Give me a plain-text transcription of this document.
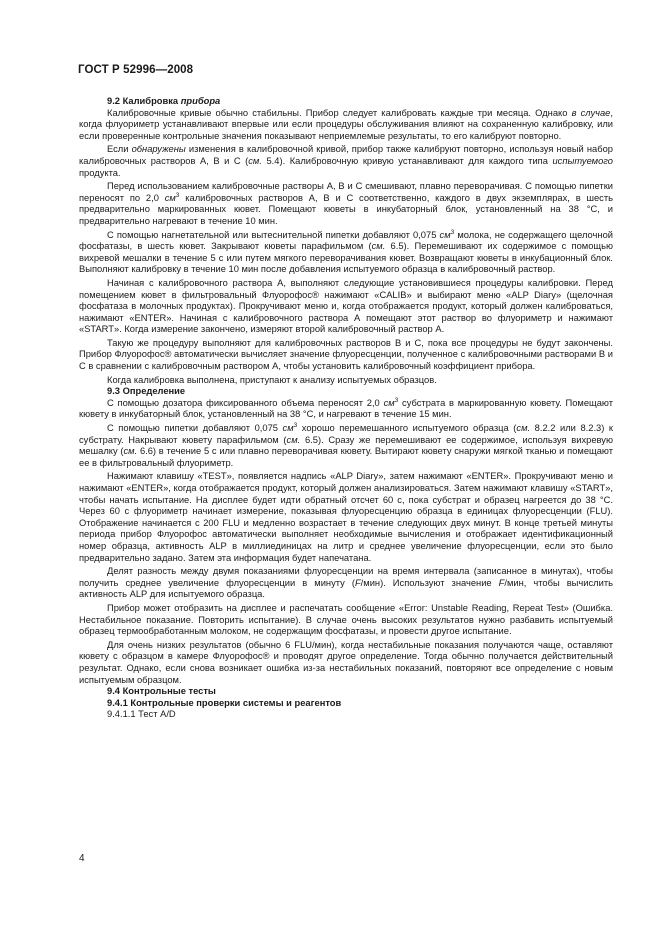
ГОСТ Р 52996—2008
9.2 Калибровка прибора

Калибровочные кривые обычно стабильны. Прибор следует калибровать каждые три месяца. Однако в случае, когда флуориметр устанавливают впервые или если процедуры обслуживания влияют на сохраненную калибровку, или если проверенные контрольные значения показывают неприемлемые результаты, то его калибруют повторно.

Если обнаружены изменения в калибровочной кривой, прибор также калибруют повторно, используя новый набор калибровочных растворов А, В и С (см. 5.4). Калибровочную кривую устанавливают для каждого типа испытуемого продукта.

Перед использованием калибровочные растворы А, В и С смешивают, плавно переворачивая. С помощью пипетки переносят по 2,0 $см^3$ калибровочных растворов А, В и С соответственно, каждого в двух экземплярах, в шесть предварительно маркированных кювет. Помещают кюветы в инкубаторный блок, установленный на 38 °С, и предварительно нагревают в течение 10 мин.

С помощью нагнетательной или вытеснительной пипетки добавляют 0,075 $см^3$ молока, не содержащего щелочной фосфатазы, в шесть кювет. Закрывают кюветы парафильмом (см. 6.5). Перемешивают их содержимое с помощью вихревой мешалки в течение 5 с или путем мягкого переворачивания кювет. Возвращают кюветы в инкубационный блок. Выполняют калибровку в течение 10 мин после добавления испытуемого образца в калибровочный раствор.

Начиная с калибровочного раствора А, выполняют следующие установившиеся процедуры калибровки. Перед помещением кювет в фильтровальный Флуорофос® нажимают «CALIB» и выбирают меню «ALP Diary» (щелочная фосфатаза в молочных продуктах). Прокручивают меню и, когда отображается продукт, который должен калиброваться, нажимают «ENTER». Начиная с калибровочного раствора А помещают этот раствор во флуориметр и нажимают «START». Когда измерение закончено, измеряют второй калибровочный раствор А.

Такую же процедуру выполняют для калибровочных растворов В и С, пока все процедуры не будут закончены. Прибор Флуорофос® автоматически вычисляет значение флуоресценции, полученное с калибровочными растворами В и С в сравнении с калибровочным раствором А, чтобы установить калибровочный коэффициент прибора.

Когда калибровка выполнена, приступают к анализу испытуемых образцов.

9.3 Определение

С помощью дозатора фиксированного объема переносят 2,0 $см^3$ субстрата в маркированную кювету. Помещают кювету в инкубаторный блок, установленный на 38 °С, и нагревают в течение 15 мин.

С помощью пипетки добавляют 0,075 $см^3$ хорошо перемешанного испытуемого образца (см. 8.2.2 или 8.2.3) к субстрату. Накрывают кювету парафильмом (см. 6.5). Сразу же перемешивают ее содержимое, используя вихревую мешалку (см. 6.6) в течение 5 с или плавно переворачивая кювету. Вытирают кювету снаружи мягкой тканью и помещают ее в фильтровальный флуориметр.

Нажимают клавишу «TEST», появляется надпись «ALP Diary», затем нажимают «ENTER». Прокручивают меню и нажимают «ENTER», когда отображается продукт, который должен анализироваться. Затем нажимают клавишу «START», чтобы начать испытание. На дисплее будет идти обратный отсчет 60 с, пока субстрат и образец нагреется до 38 °С. Через 60 с флуориметр начинает измерение, показывая флуоресценцию образца в единицах флуоресценции (FLU). Отображение начинается с 200 FLU и медленно возрастает в течение следующих двух минут. В конце третьей минуты периода прибор Флуорофос автоматически выполняет необходимые вычисления и отображает идентификационный номер образца, активность ALP в миллиединицах на литр и среднее увеличение флуоресценции, если это было предварительно задано. Затем эта информация будет напечатана.

Делят разность между двумя показаниями флуоресценции на время интервала (записанное в минутах), чтобы получить среднее увеличение флуоресценции в минуту (F/мин). Используют значение F/мин, чтобы вычислить активность ALP для испытуемого образца.

Прибор может отобразить на дисплее и распечатать сообщение «Error: Unstable Reading, Repeat Test» (Ошибка. Нестабильное показание. Повторить испытание). В случае очень высоких результатов нужно разбавить испытуемый образец термообработанным молоком, не содержащим фосфатазы, и провести другое испытание.

Для очень низких результатов (обычно 6 FLU/мин), когда нестабильные показания получаются чаще, оставляют кювету с образцом в камере Флуорофос® и проводят другое определение. Тогда обычно получается действительный результат. Однако, если снова возникает ошибка из-за нестабильных показаний, повторяют все определение с новым испытуемым образцом.

9.4 Контрольные тесты
9.4.1 Контрольные проверки системы и реагентов
9.4.1.1 Тест А/D
4
